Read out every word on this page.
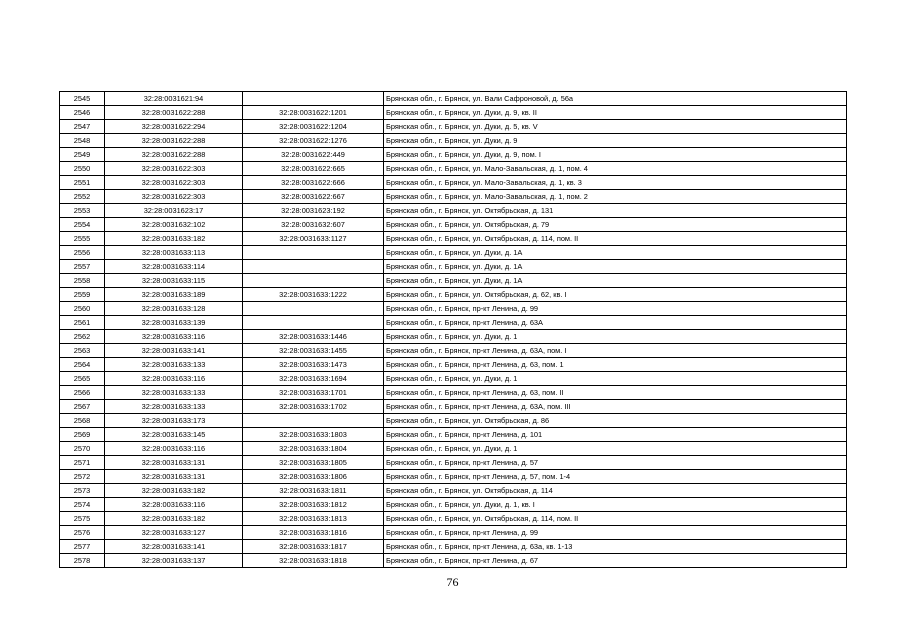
2545	32:28:0031621:94		Брянская обл., г. Брянск, ул. Вали Сафроновой, д. 56а
2546	32:28:0031622:288	32:28:0031622:1201	Брянская обл., г. Брянск, ул. Дуки, д. 9, кв. II
2547	32:28:0031622:294	32:28:0031622:1204	Брянская обл., г. Брянск, ул. Дуки, д. 5, кв. V
2548	32:28:0031622:288	32:28:0031622:1276	Брянская обл., г. Брянск, ул. Дуки, д. 9
2549	32:28:0031622:288	32:28:0031622:449	Брянская обл., г. Брянск, ул. Дуки, д. 9, пом. I
2550	32:28:0031622:303	32:28:0031622:665	Брянская обл., г. Брянск, ул. Мало-Завальская, д. 1, пом. 4
2551	32:28:0031622:303	32:28:0031622:666	Брянская обл., г. Брянск, ул. Мало-Завальская, д. 1, кв. 3
2552	32:28:0031622:303	32:28:0031622:667	Брянская обл., г. Брянск, ул. Мало-Завальская, д. 1, пом. 2
2553	32:28:0031623:17	32:28:0031623:192	Брянская обл., г. Брянск, ул. Октябрьская, д. 131
2554	32:28:0031632:102	32:28:0031632:607	Брянская обл., г. Брянск, ул. Октябрьская, д. 79
2555	32:28:0031633:182	32:28:0031633:1127	Брянская обл., г. Брянск, ул. Октябрьская, д. 114, пом. II
2556	32:28:0031633:113		Брянская обл., г. Брянск, ул. Дуки, д. 1А
2557	32:28:0031633:114		Брянская обл., г. Брянск, ул. Дуки, д. 1А
2558	32:28:0031633:115		Брянская обл., г. Брянск, ул. Дуки, д. 1А
2559	32:28:0031633:189	32:28:0031633:1222	Брянская обл., г. Брянск, ул. Октябрьская, д. 62, кв. I
2560	32:28:0031633:128		Брянская обл., г. Брянск, пр-кт Ленина, д. 99
2561	32:28:0031633:139		Брянская обл., г. Брянск, пр-кт Ленина, д. 63А
2562	32:28:0031633:116	32:28:0031633:1446	Брянская обл., г. Брянск, ул. Дуки, д. 1
2563	32:28:0031633:141	32:28:0031633:1455	Брянская обл., г. Брянск, пр-кт Ленина, д. 63А, пом. I
2564	32:28:0031633:133	32:28:0031633:1473	Брянская обл., г. Брянск, пр-кт Ленина, д. 63, пом. 1
2565	32:28:0031633:116	32:28:0031633:1694	Брянская обл., г. Брянск, ул. Дуки, д. 1
2566	32:28:0031633:133	32:28:0031633:1701	Брянская обл., г. Брянск, пр-кт Ленина, д. 63, пом. II
2567	32:28:0031633:133	32:28:0031633:1702	Брянская обл., г. Брянск, пр-кт Ленина, д. 63А, пом. III
2568	32:28:0031633:173		Брянская обл., г. Брянск, ул. Октябрьская, д. 86
2569	32:28:0031633:145	32:28:0031633:1803	Брянская обл., г. Брянск, пр-кт Ленина, д. 101
2570	32:28:0031633:116	32:28:0031633:1804	Брянская обл., г. Брянск, ул. Дуки, д. 1
2571	32:28:0031633:131	32:28:0031633:1805	Брянская обл., г. Брянск, пр-кт Ленина, д. 57
2572	32:28:0031633:131	32:28:0031633:1806	Брянская обл., г. Брянск, пр-кт Ленина, д. 57, пом. 1-4
2573	32:28:0031633:182	32:28:0031633:1811	Брянская обл., г. Брянск, ул. Октябрьская, д. 114
2574	32:28:0031633:116	32:28:0031633:1812	Брянская обл., г. Брянск, ул. Дуки, д. 1, кв. I
2575	32:28:0031633:182	32:28:0031633:1813	Брянская обл., г. Брянск, ул. Октябрьская, д. 114, пом. II
2576	32:28:0031633:127	32:28:0031633:1816	Брянская обл., г. Брянск, пр-кт Ленина, д. 99
2577	32:28:0031633:141	32:28:0031633:1817	Брянская обл., г. Брянск, пр-кт Ленина, д. 63а, кв. 1-13
2578	32:28:0031633:137	32:28:0031633:1818	Брянская обл., г. Брянск, пр-кт Ленина, д. 67
76
